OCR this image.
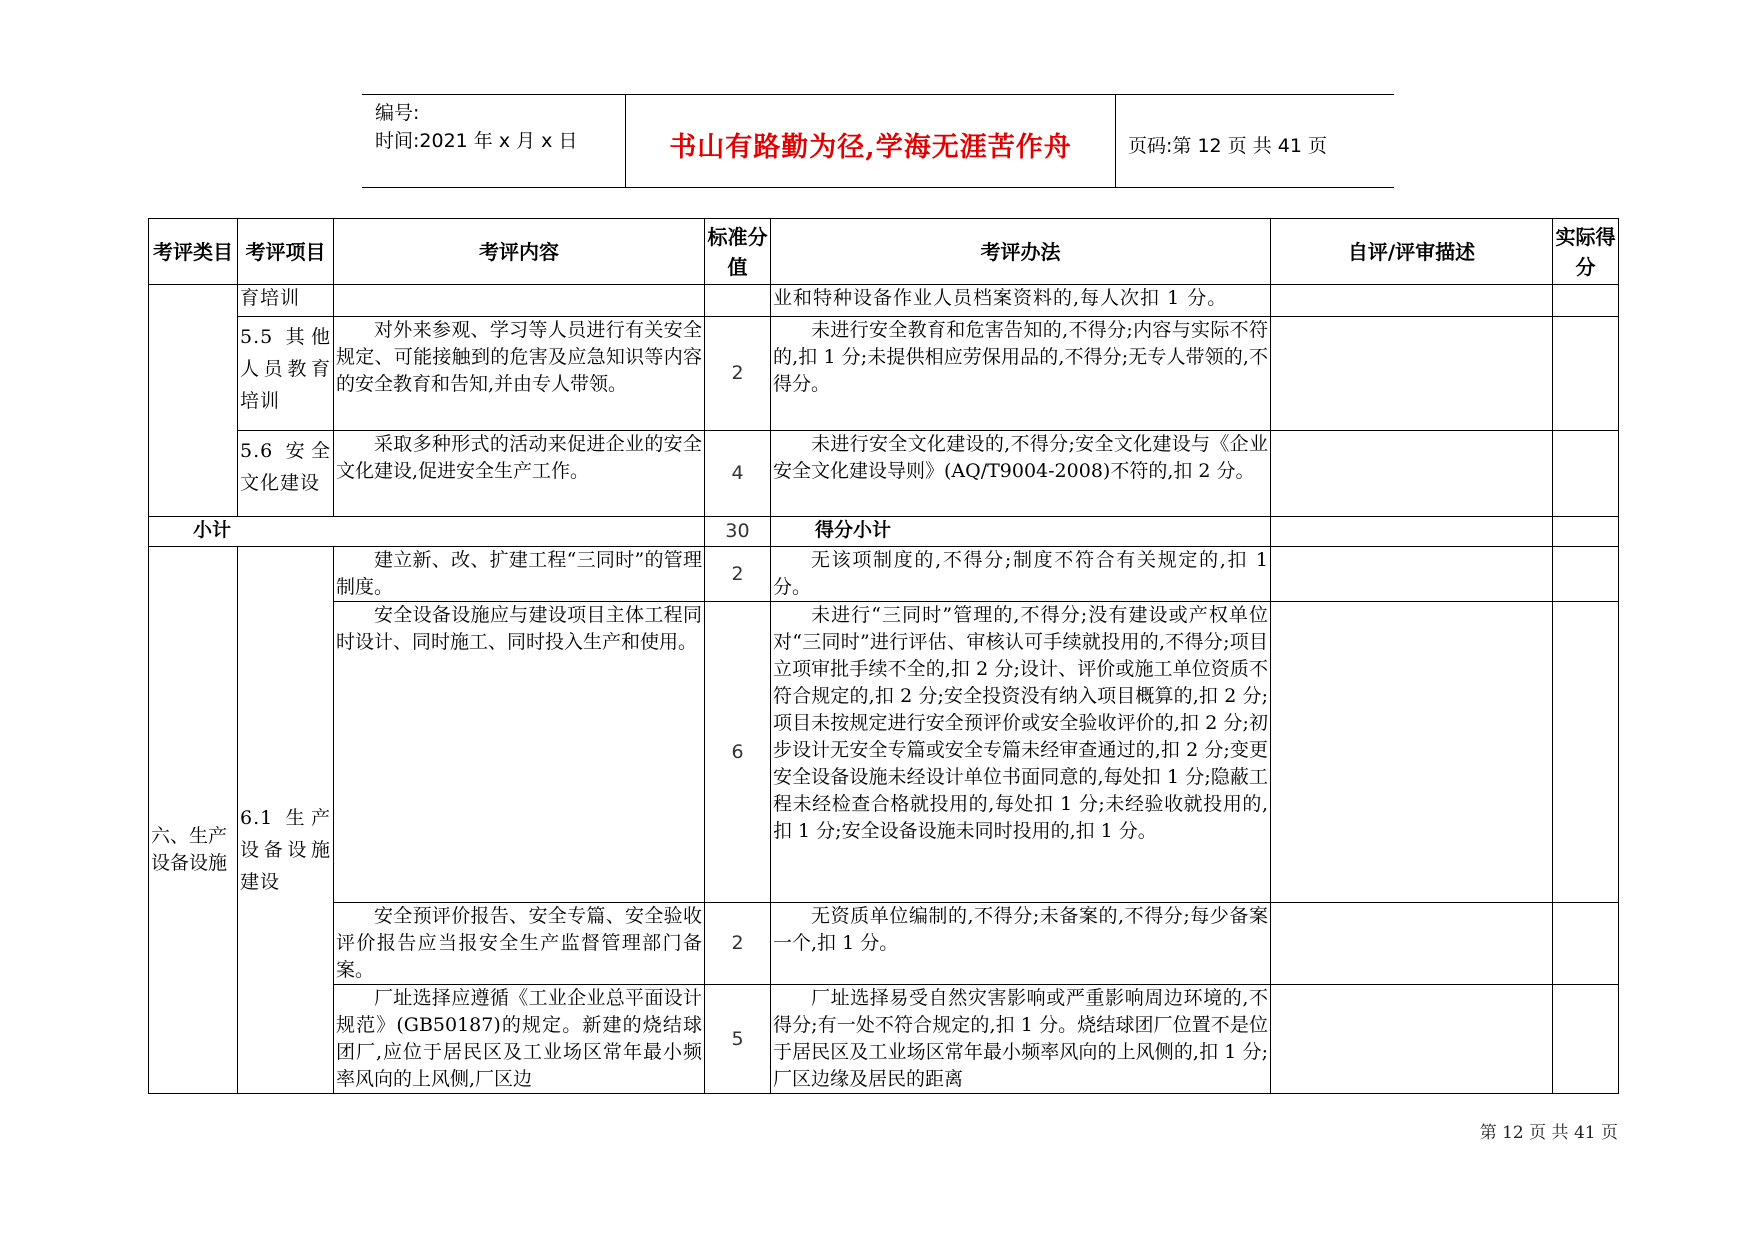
编号:
时间:2021 年 x 月 x 日	书山有路勤为径,学海无涯苦作舟	页码:第 12 页 共 41 页
考评类目	考评项目	考评内容	标准分值	考评办法	自评/评审描述	实际得分
	育培训			业和特种设备作业人员档案资料的,每人次扣 1 分。		
	5.5 其他人员教育培训	对外来参观、学习等人员进行有关安全规定、可能接触到的危害及应急知识等内容的安全教育和告知,并由专人带领。	2	未进行安全教育和危害告知的,不得分;内容与实际不符的,扣 1 分;未提供相应劳保用品的,不得分;无专人带领的,不得分。		
	5.6 安全文化建设	采取多种形式的活动来促进企业的安全文化建设,促进安全生产工作。	4	未进行安全文化建设的,不得分;安全文化建设与《企业安全文化建设导则》(AQ/T9004-2008)不符的,扣 2 分。		
小计			30	得分小计		
六、生产设备设施	6.1 生产设备设施建设	建立新、改、扩建工程“三同时”的管理制度。	2	无该项制度的,不得分;制度不符合有关规定的,扣 1 分。		
		安全设备设施应与建设项目主体工程同时设计、同时施工、同时投入生产和使用。	6	未进行“三同时”管理的,不得分;没有建设或产权单位对“三同时”进行评估、审核认可手续就投用的,不得分;项目立项审批手续不全的,扣 2 分;设计、评价或施工单位资质不符合规定的,扣 2 分;安全投资没有纳入项目概算的,扣 2 分;项目未按规定进行安全预评价或安全验收评价的,扣 2 分;初步设计无安全专篇或安全专篇未经审查通过的,扣 2 分;变更安全设备设施未经设计单位书面同意的,每处扣 1 分;隐蔽工程未经检查合格就投用的,每处扣 1 分;未经验收就投用的,扣 1 分;安全设备设施未同时投用的,扣 1 分。		
		安全预评价报告、安全专篇、安全验收评价报告应当报安全生产监督管理部门备案。	2	无资质单位编制的,不得分;未备案的,不得分;每少备案一个,扣 1 分。		
		厂址选择应遵循《工业企业总平面设计规范》(GB50187)的规定。新建的烧结球团厂,应位于居民区及工业场区常年最小频率风向的上风侧,厂区边	5	厂址选择易受自然灾害影响或严重影响周边环境的,不得分;有一处不符合规定的,扣 1 分。烧结球团厂位置不是位于居民区及工业场区常年最小频率风向的上风侧的,扣 1 分;厂区边缘及居民的距离		
第 12 页 共 41 页
